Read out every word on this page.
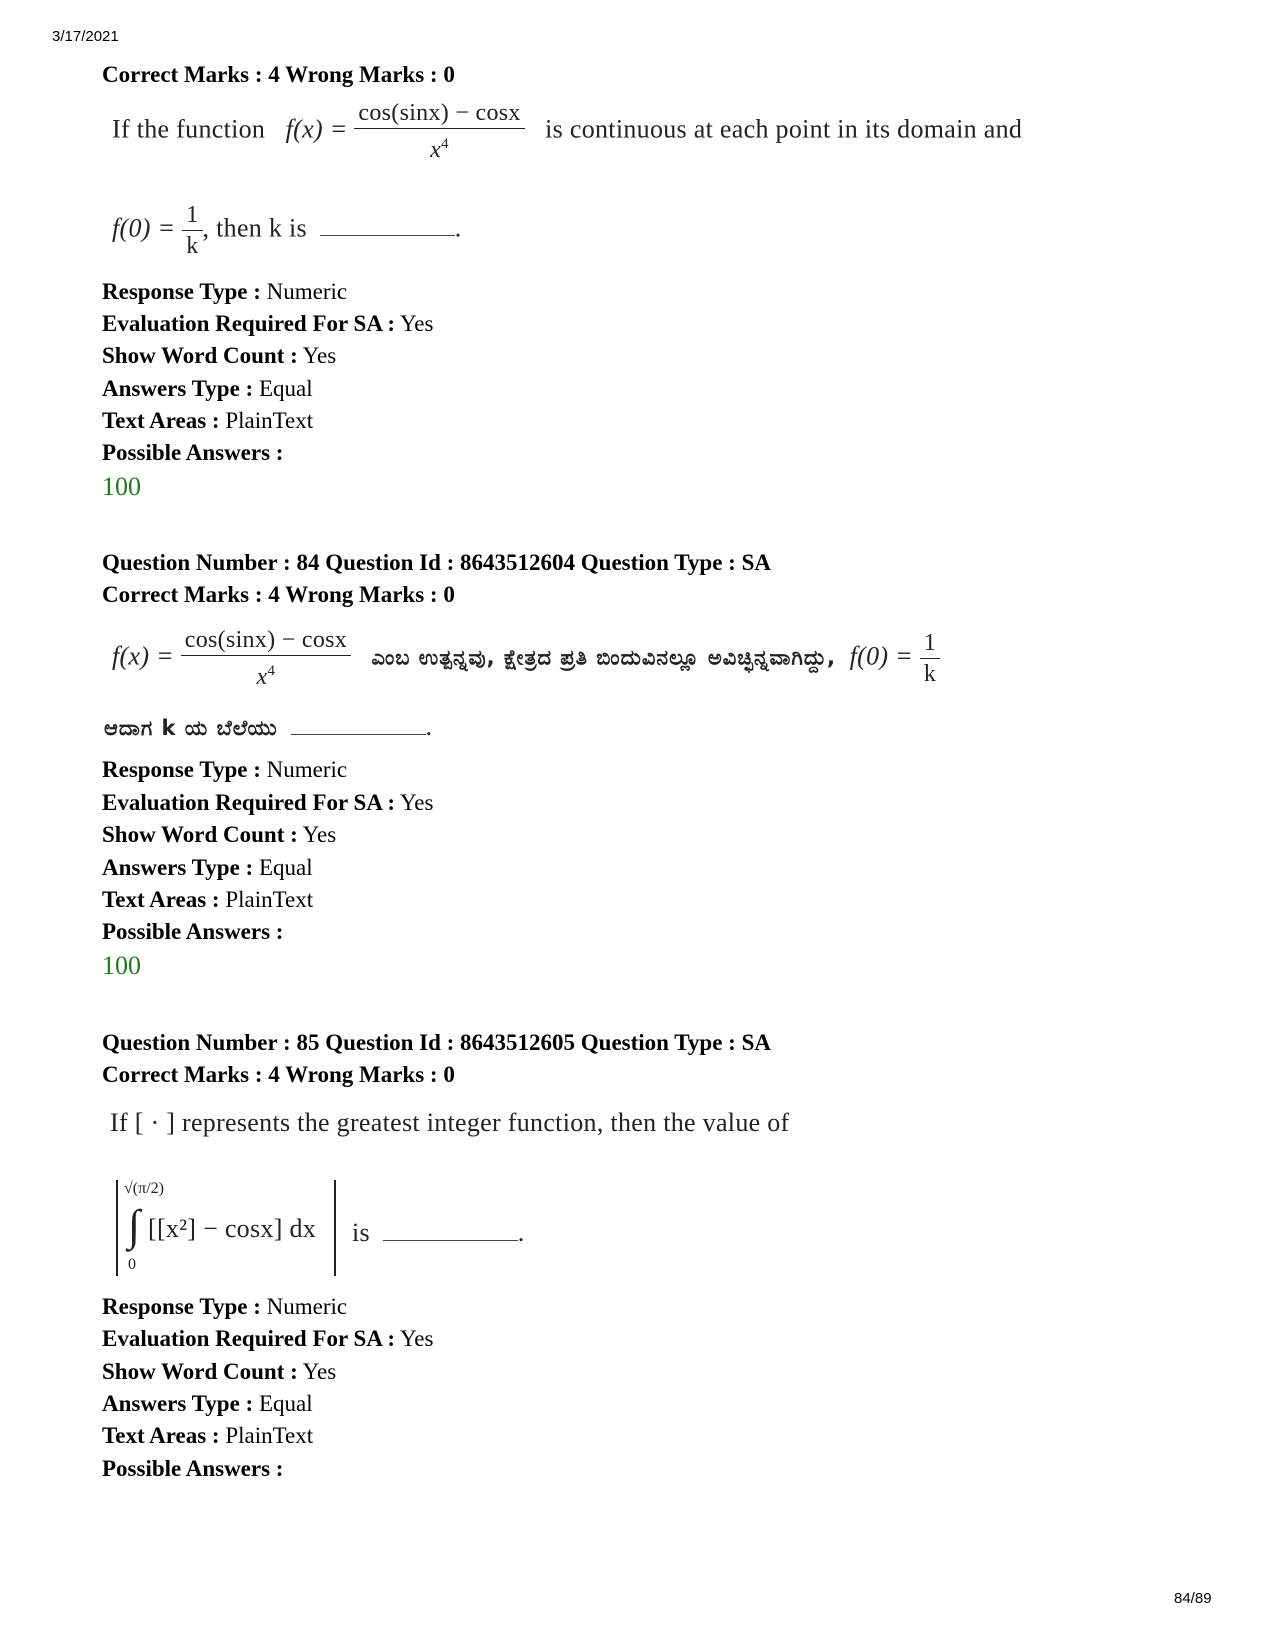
3/17/2021
84/89
Correct Marks : 4 Wrong Marks : 0
If the function $f(x) = \frac{\cos(\sin x) - \cos x}{x^4}$ is continuous at each point in its domain and
$f(0) = \frac{1}{k}$ , then k is	.
Response Type : Numeric
Evaluation Required For SA : Yes
Show Word Count : Yes
Answers Type : Equal
Text Areas : PlainText
Possible Answers :
100
Question Number : 84 Question Id : 8643512604 Question Type : SA
Correct Marks : 4 Wrong Marks : 0
$f(x) = \frac{\cos(\sin x) - \cos x}{x^4}$ ಎಂಬ ಉತ್ಪನ್ನವು, ಕ್ಷೇತ್ರದ ಪ್ರತಿ ಬಿಂದುವಿನಲ್ಲೂ ಅವಿಚ್ಛಿನ್ನವಾಗಿದ್ದು, $f(0) = \frac{1}{k}$
ಆದಾಗ k ಯ ಬೆಲೆಯು	.
Response Type : Numeric
Evaluation Required For SA : Yes
Show Word Count : Yes
Answers Type : Equal
Text Areas : PlainText
Possible Answers :
100
Question Number : 85 Question Id : 8643512605 Question Type : SA
Correct Marks : 4 Wrong Marks : 0
If [ · ] represents the greatest integer function, then the value of
√(π/2)
∫
0
[[x²] − cosx] dx is	.
Response Type : Numeric
Evaluation Required For SA : Yes
Show Word Count : Yes
Answers Type : Equal
Text Areas : PlainText
Possible Answers :
